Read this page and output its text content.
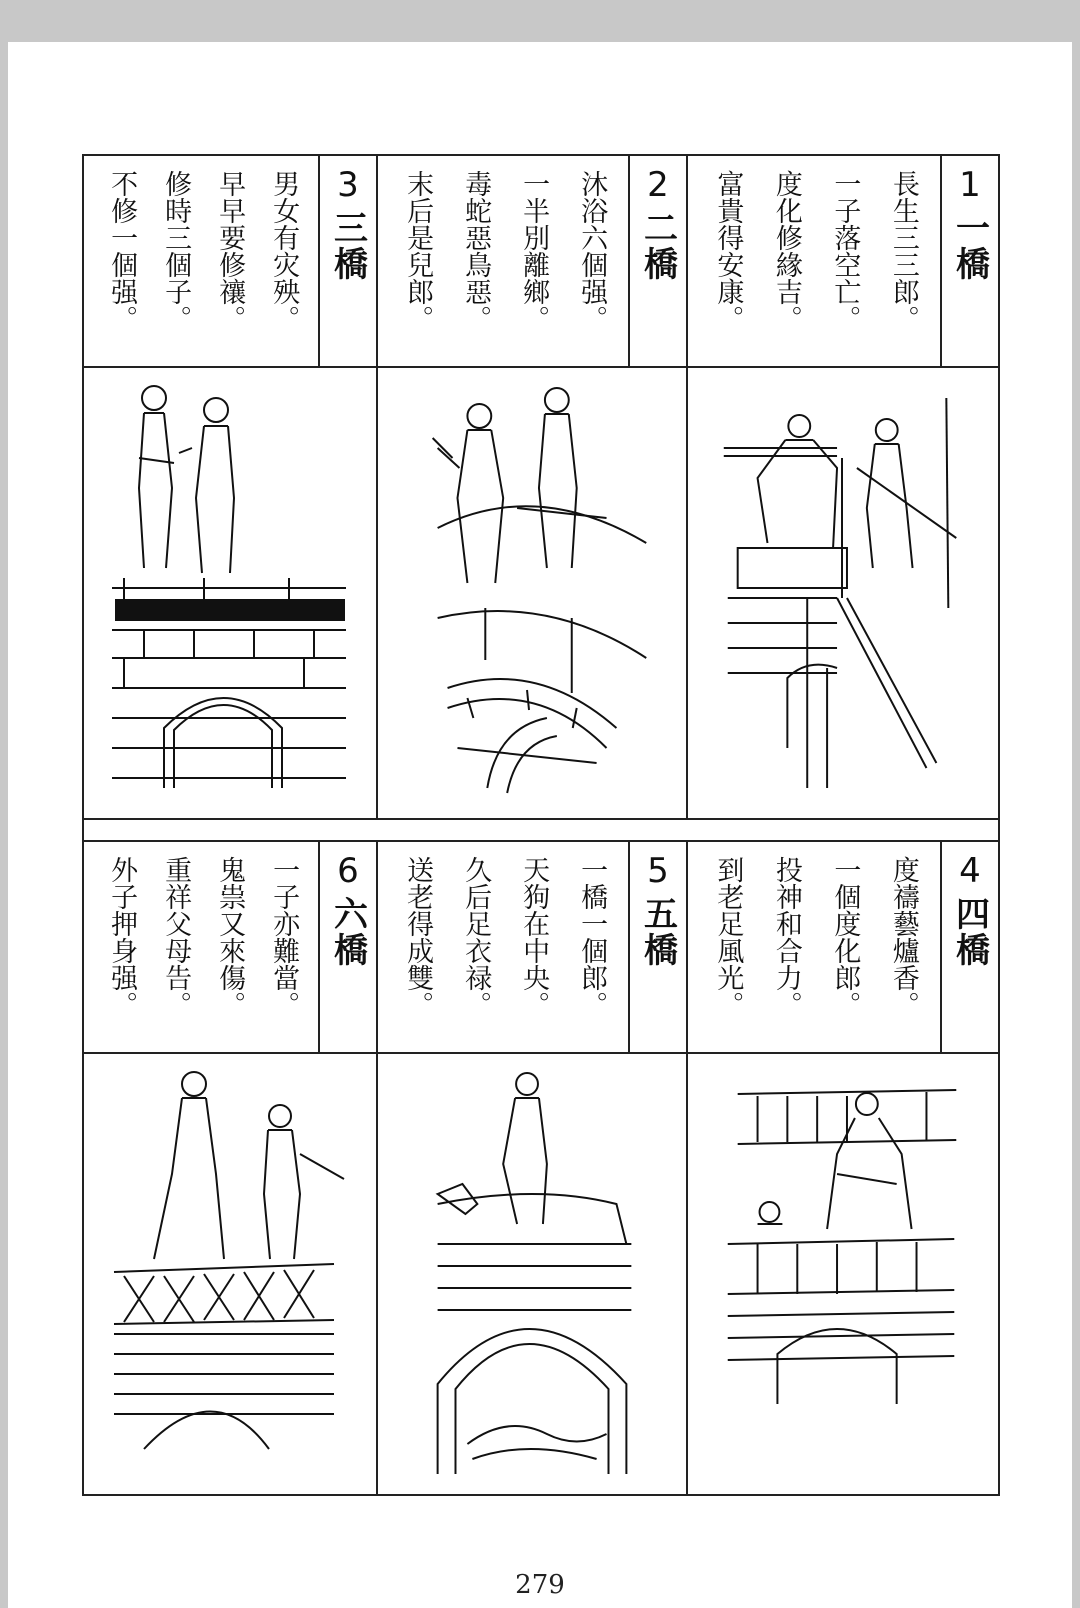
男女有灾殃。
早早要修禳。
修時三個子。
不修一個强。	3
三橋	沐浴六個强。
一半別離鄉。
毒蛇惡鳥惡。
末后是兒郎。	2
二橋	長生三三郎。
一子落空亡。
度化修緣吉。
富貴得安康。	1
一橋
一子亦難當。
鬼祟又來傷。
重祥父母告。
外子押身强。	6
六橋	一橋一個郎。
天狗在中央。
久后足衣禄。
送老得成雙。	5
五橋	度禱藝爐香。
一個度化郎。
投神和合力。
到老足風光。	4
四橋
279
